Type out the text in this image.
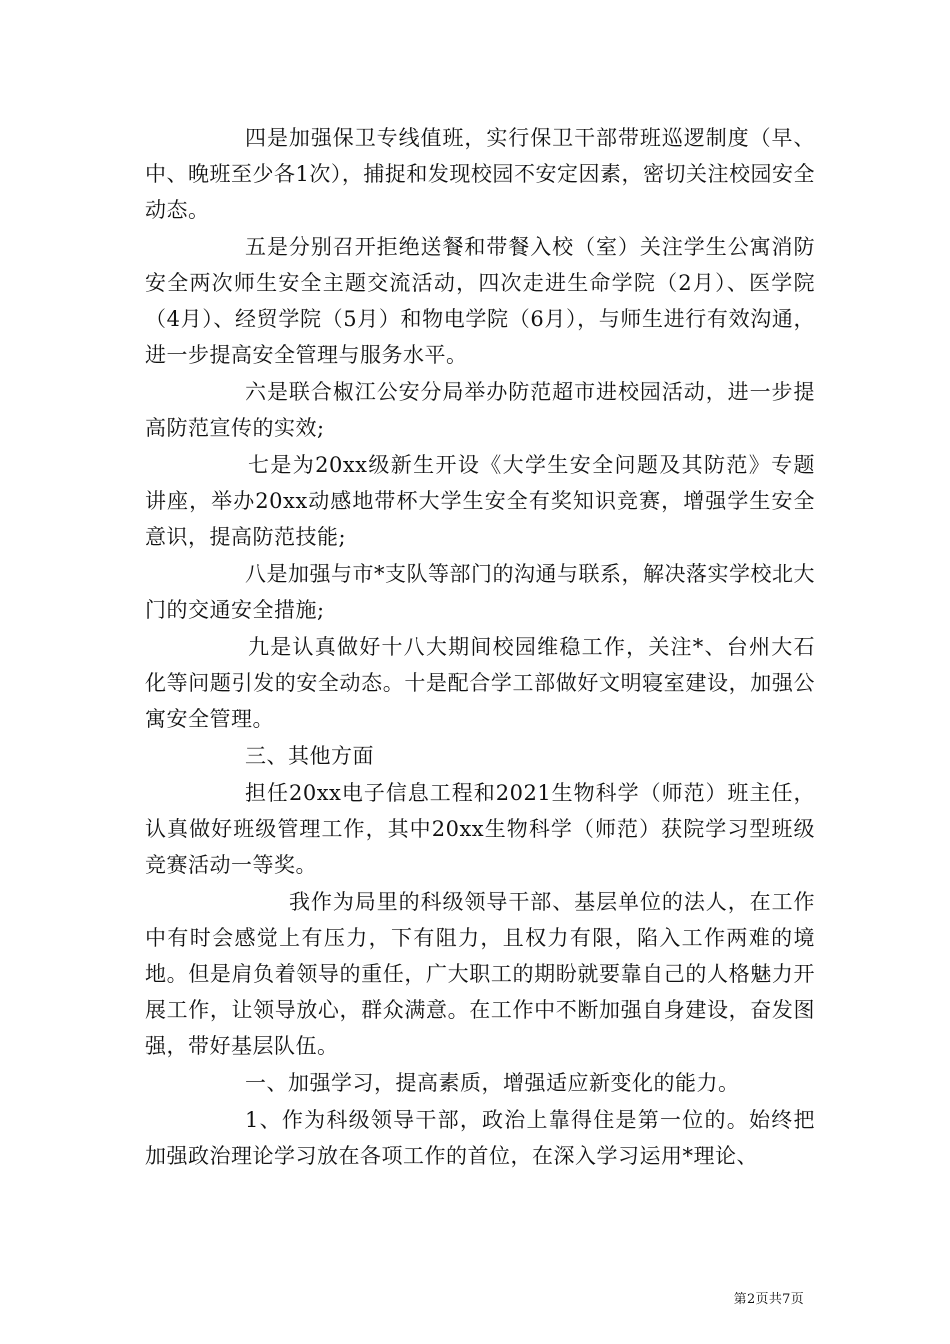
四是加强保卫专线值班，实行保卫干部带班巡逻制度（早、中、晚班至少各1次），捕捉和发现校园不安定因素，密切关注校园安全动态。

五是分别召开拒绝送餐和带餐入校（室）关注学生公寓消防安全两次师生安全主题交流活动，四次走进生命学院（2月）、医学院（4月）、经贸学院（5月）和物电学院（6月），与师生进行有效沟通，进一步提高安全管理与服务水平。

六是联合椒江公安分局举办防范超市进校园活动，进一步提高防范宣传的实效;

七是为20xx级新生开设《大学生安全问题及其防范》专题讲座，举办20xx动感地带杯大学生安全有奖知识竞赛，增强学生安全意识，提高防范技能;

八是加强与市*支队等部门的沟通与联系，解决落实学校北大门的交通安全措施;

九是认真做好十八大期间校园维稳工作，关注*、台州大石化等问题引发的安全动态。十是配合学工部做好文明寝室建设，加强公寓安全管理。

三、其他方面

担任20xx电子信息工程和2021生物科学（师范）班主任，认真做好班级管理工作，其中20xx生物科学（师范）获院学习型班级竞赛活动一等奖。

我作为局里的科级领导干部、基层单位的法人，在工作中有时会感觉上有压力，下有阻力，且权力有限，陷入工作两难的境地。但是肩负着领导的重任，广大职工的期盼就要靠自己的人格魅力开展工作，让领导放心，群众满意。在工作中不断加强自身建设，奋发图强，带好基层队伍。

一、加强学习，提高素质，增强适应新变化的能力。

1、作为科级领导干部，政治上靠得住是第一位的。始终把加强政治理论学习放在各项工作的首位，在深入学习运用*理论、

第2页共7页
